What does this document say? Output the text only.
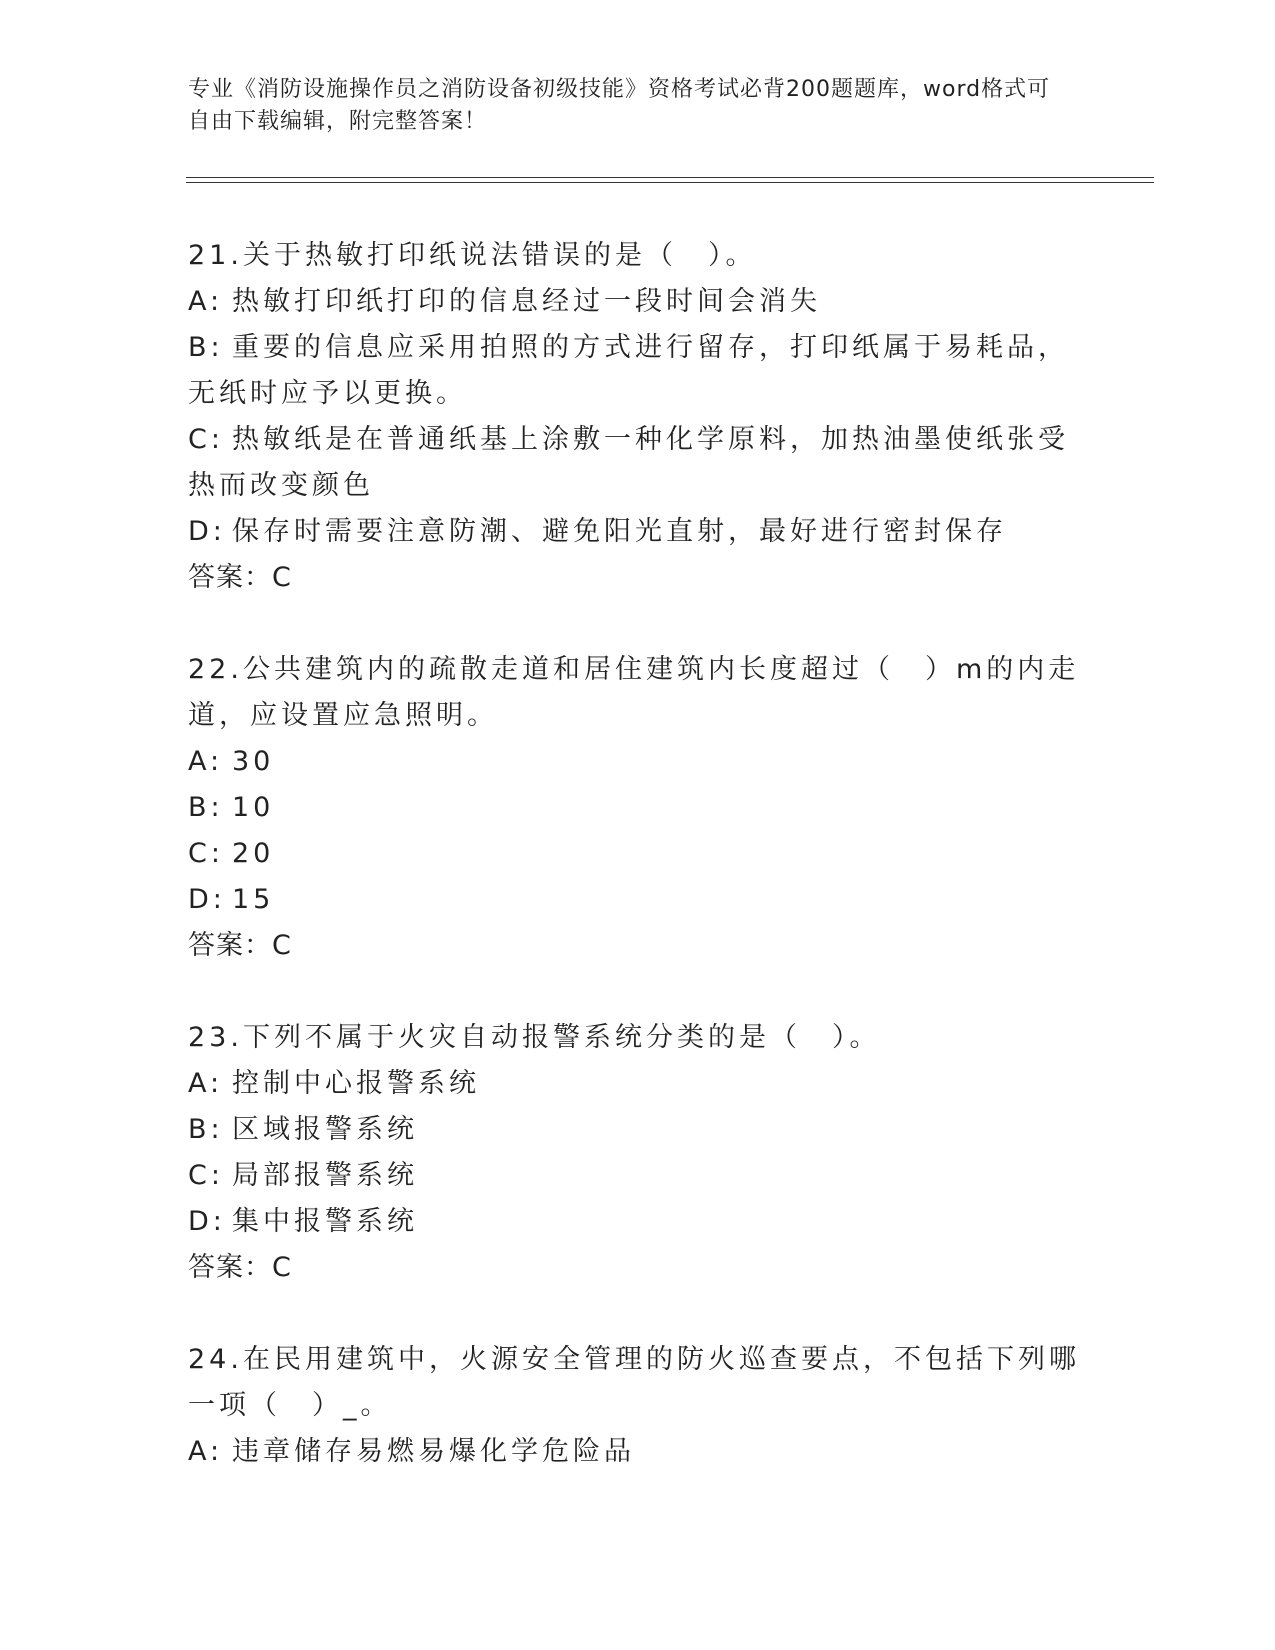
专业《消防设施操作员之消防设备初级技能》资格考试必背200题题库，word格式可自由下载编辑，附完整答案！
21.关于热敏打印纸说法错误的是（　）。
A: 热敏打印纸打印的信息经过一段时间会消失
B: 重要的信息应采用拍照的方式进行留存，打印纸属于易耗品，无纸时应予以更换。
C: 热敏纸是在普通纸基上涂敷一种化学原料，加热油墨使纸张受热而改变颜色
D: 保存时需要注意防潮、避免阳光直射，最好进行密封保存
答案：C
22.公共建筑内的疏散走道和居住建筑内长度超过（　）m的内走道，应设置应急照明。
A: 30
B: 10
C: 20
D: 15
答案：C
23.下列不属于火灾自动报警系统分类的是（　）。
A: 控制中心报警系统
B: 区域报警系统
C: 局部报警系统
D: 集中报警系统
答案：C
24.在民用建筑中，火源安全管理的防火巡查要点，不包括下列哪一项（　）_。
A: 违章储存易燃易爆化学危险品
